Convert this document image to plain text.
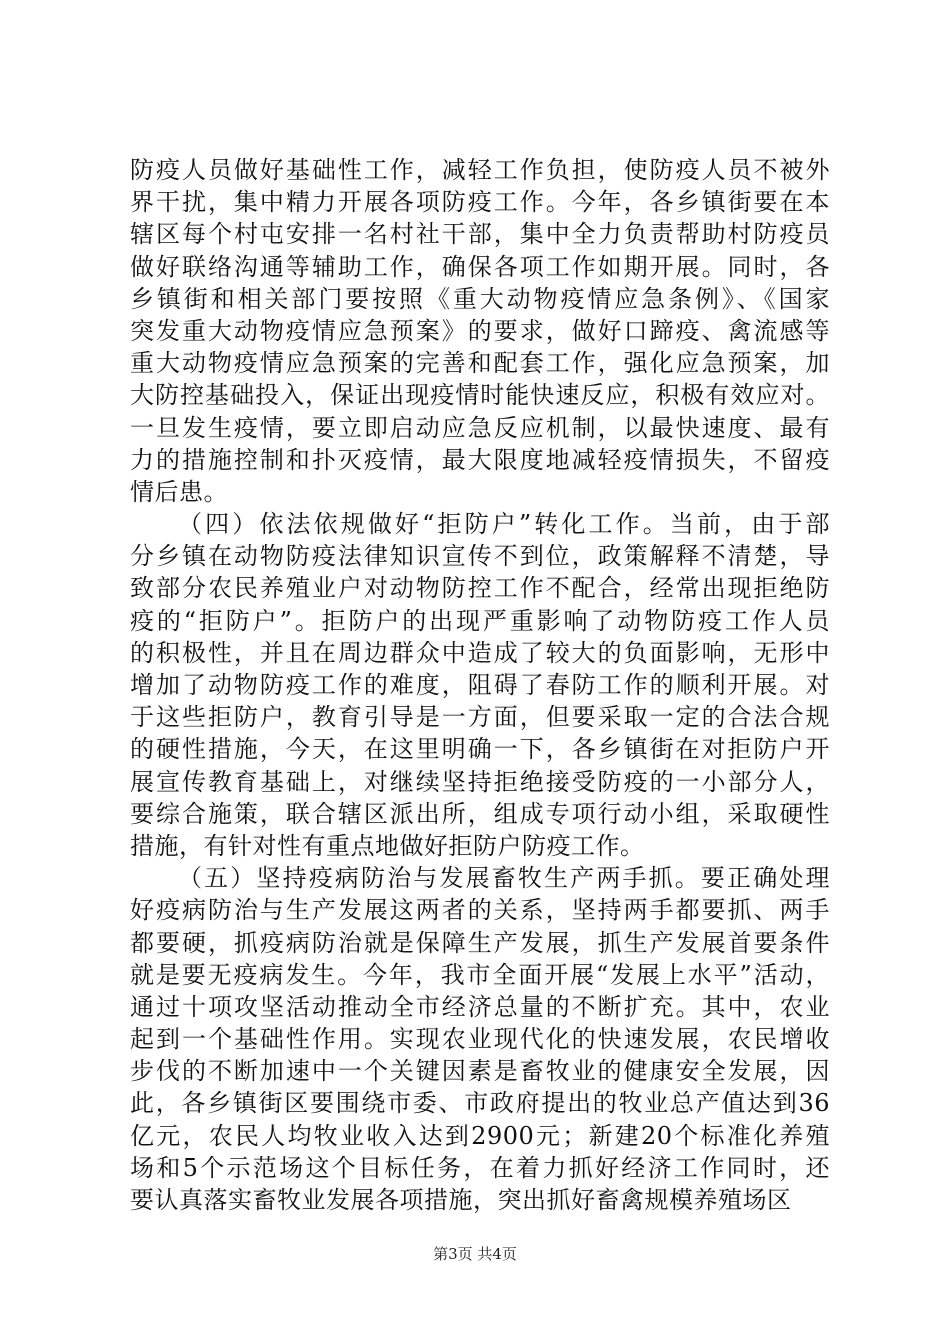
防疫人员做好基础性工作，减轻工作负担，使防疫人员不被外
界干扰，集中精力开展各项防疫工作。今年，各乡镇街要在本
辖区每个村屯安排一名村社干部，集中全力负责帮助村防疫员
做好联络沟通等辅助工作，确保各项工作如期开展。同时，各
乡镇街和相关部门要按照《重大动物疫情应急条例》、《国家
突发重大动物疫情应急预案》的要求，做好口蹄疫、禽流感等
重大动物疫情应急预案的完善和配套工作，强化应急预案，加
大防控基础投入，保证出现疫情时能快速反应，积极有效应对。
一旦发生疫情，要立即启动应急反应机制，以最快速度、最有
力的措施控制和扑灭疫情，最大限度地减轻疫情损失，不留疫
情后患。
（四）依法依规做好“拒防户”转化工作。当前，由于部
分乡镇在动物防疫法律知识宣传不到位，政策解释不清楚，导
致部分农民养殖业户对动物防控工作不配合，经常出现拒绝防
疫的“拒防户”。拒防户的出现严重影响了动物防疫工作人员
的积极性，并且在周边群众中造成了较大的负面影响，无形中
增加了动物防疫工作的难度，阻碍了春防工作的顺利开展。对
于这些拒防户，教育引导是一方面，但要采取一定的合法合规
的硬性措施，今天，在这里明确一下，各乡镇街在对拒防户开
展宣传教育基础上，对继续坚持拒绝接受防疫的一小部分人，
要综合施策，联合辖区派出所，组成专项行动小组，采取硬性
措施，有针对性有重点地做好拒防户防疫工作。
（五）坚持疫病防治与发展畜牧生产两手抓。要正确处理
好疫病防治与生产发展这两者的关系，坚持两手都要抓、两手
都要硬，抓疫病防治就是保障生产发展，抓生产发展首要条件
就是要无疫病发生。今年，我市全面开展“发展上水平”活动，
通过十项攻坚活动推动全市经济总量的不断扩充。其中，农业
起到一个基础性作用。实现农业现代化的快速发展，农民增收
步伐的不断加速中一个关键因素是畜牧业的健康安全发展，因
此，各乡镇街区要围绕市委、市政府提出的牧业总产值达到36
亿元，农民人均牧业收入达到2900元；新建20个标准化养殖
场和5个示范场这个目标任务，在着力抓好经济工作同时，还
要认真落实畜牧业发展各项措施，突出抓好畜禽规模养殖场区
第3页 共4页
